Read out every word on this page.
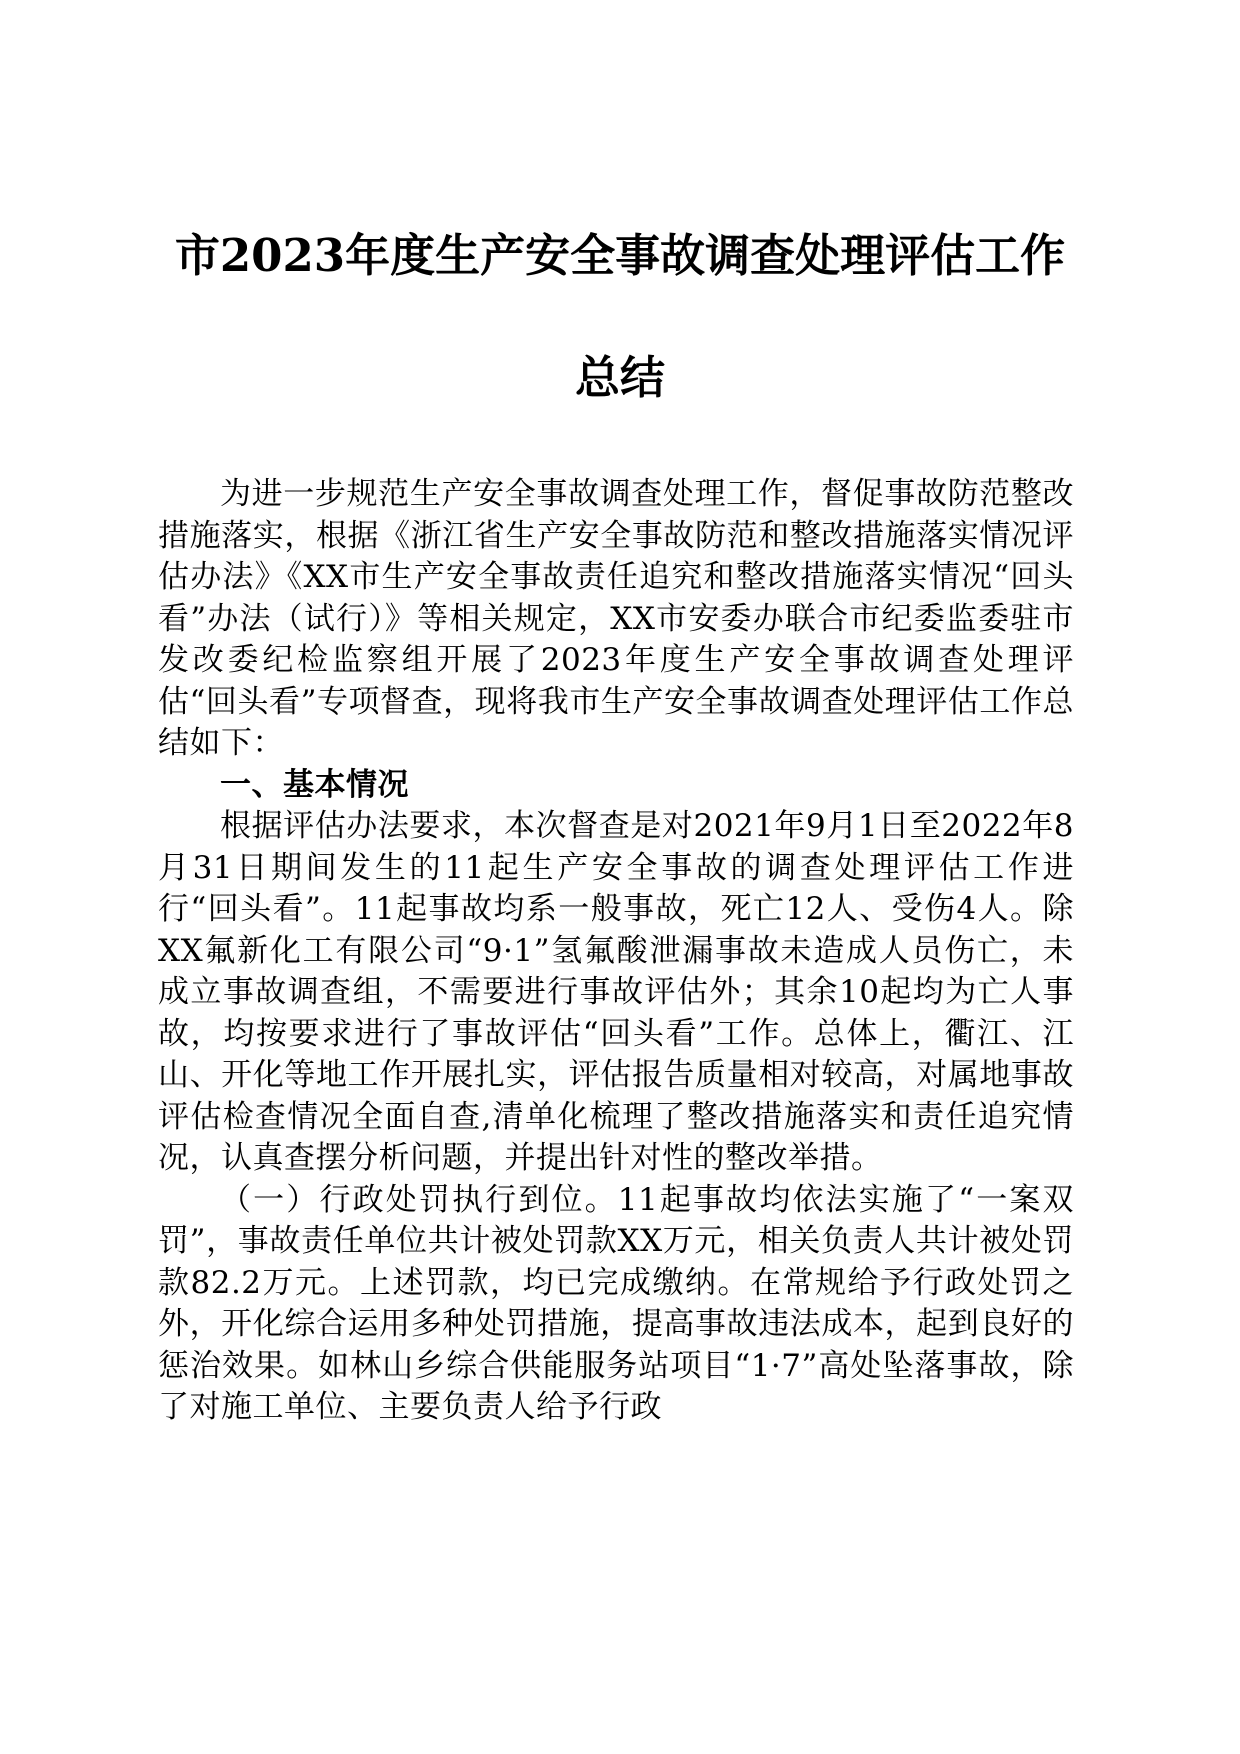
市2023年度生产安全事故调查处理评估工作
总结

为进一步规范生产安全事故调查处理工作，督促事故防范整改措施落实，根据《浙江省生产安全事故防范和整改措施落实情况评估办法》《XX市生产安全事故责任追究和整改措施落实情况“回头看”办法（试行）》等相关规定，XX市安委办联合市纪委监委驻市发改委纪检监察组开展了2023年度生产安全事故调查处理评估“回头看”专项督查，现将我市生产安全事故调查处理评估工作总结如下：

一、基本情况

根据评估办法要求，本次督查是对2021年9月1日至2022年8月31日期间发生的11起生产安全事故的调查处理评估工作进行“回头看”。11起事故均系一般事故，死亡12人、受伤4人。除XX氟新化工有限公司“9·1”氢氟酸泄漏事故未造成人员伤亡，未成立事故调查组，不需要进行事故评估外；其余10起均为亡人事故，均按要求进行了事故评估“回头看”工作。总体上，衢江、江山、开化等地工作开展扎实，评估报告质量相对较高，对属地事故评估检查情况全面自查,清单化梳理了整改措施落实和责任追究情况，认真查摆分析问题，并提出针对性的整改举措。

（一）行政处罚执行到位。11起事故均依法实施了“一案双罚”，事故责任单位共计被处罚款XX万元，相关负责人共计被处罚款82.2万元。上述罚款，均已完成缴纳。在常规给予行政处罚之外，开化综合运用多种处罚措施，提高事故违法成本，起到良好的惩治效果。如林山乡综合供能服务站项目“1·7”高处坠落事故，除了对施工单位、主要负责人给予行政
